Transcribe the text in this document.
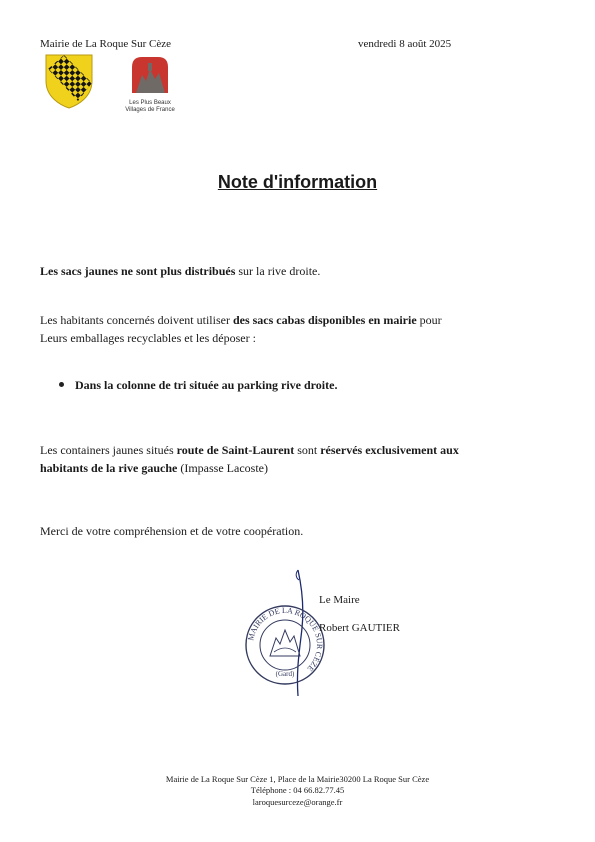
Mairie de La Roque Sur Cèze	vendredi 8 août 2025
Les Plus Beaux Villages de France
Note d'information
Les sacs jaunes ne sont plus distribués sur la rive droite.
Les habitants concernés doivent utiliser des sacs cabas disponibles en mairie pour
Leurs emballages recyclables et les déposer :
Dans la colonne de tri située au parking rive droite.
Les containers jaunes situés route de Saint-Laurent sont réservés exclusivement aux
habitants de la rive gauche (Impasse Lacoste)
Merci de votre compréhension et de votre coopération.
MAIRIE DE LA ROQUE SUR CÈZE
(Gard)
Le Maire
Robert GAUTIER
Mairie de La Roque Sur Cèze 1, Place de la Mairie30200 La Roque Sur Cèze
Téléphone : 04 66.82.77.45
laroquesurceze@orange.fr
